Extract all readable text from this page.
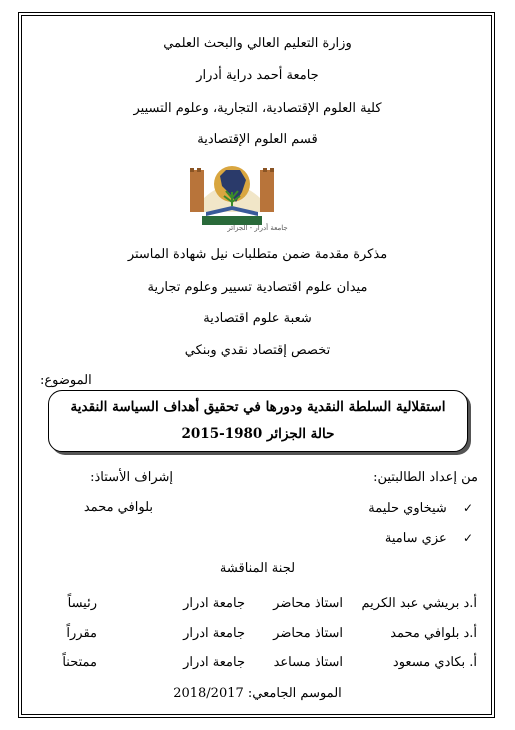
وزارة التعليم العالي والبحث العلمي
جامعة أحمد دراية أدرار
كلية العلوم الإقتصادية، التجارية، وعلوم التسيير
قسم العلوم الإقتصادية
جامعة أدرار - الجزائر
مذكرة مقدمة ضمن متطلبات نيل شهادة الماستر
ميدان علوم اقتصادية تسيير وعلوم تجارية
شعبة علوم اقتصادية
تخصص إقتصاد نقدي وبنكي
الموضوع:
استقلالية السلطة النقدية ودورها في تحقيق أهداف السياسة النقدية
حالة الجزائر 1980-2015
من إعداد الطالبتين:
إشراف الأستاذ:
✓ شيخاوي حليمة
بلوافي محمد
✓ عزي سامية
لجنة المناقشة
أ.د بريشي عبد الكريم
استاذ محاضر
جامعة ادرار
رئيساً
أ.د بلوافي محمد
استاذ محاضر
جامعة ادرار
مقرراً
أ. بكادي مسعود
استاذ مساعد
جامعة ادرار
ممتحناً
الموسم الجامعي: 2018/2017
